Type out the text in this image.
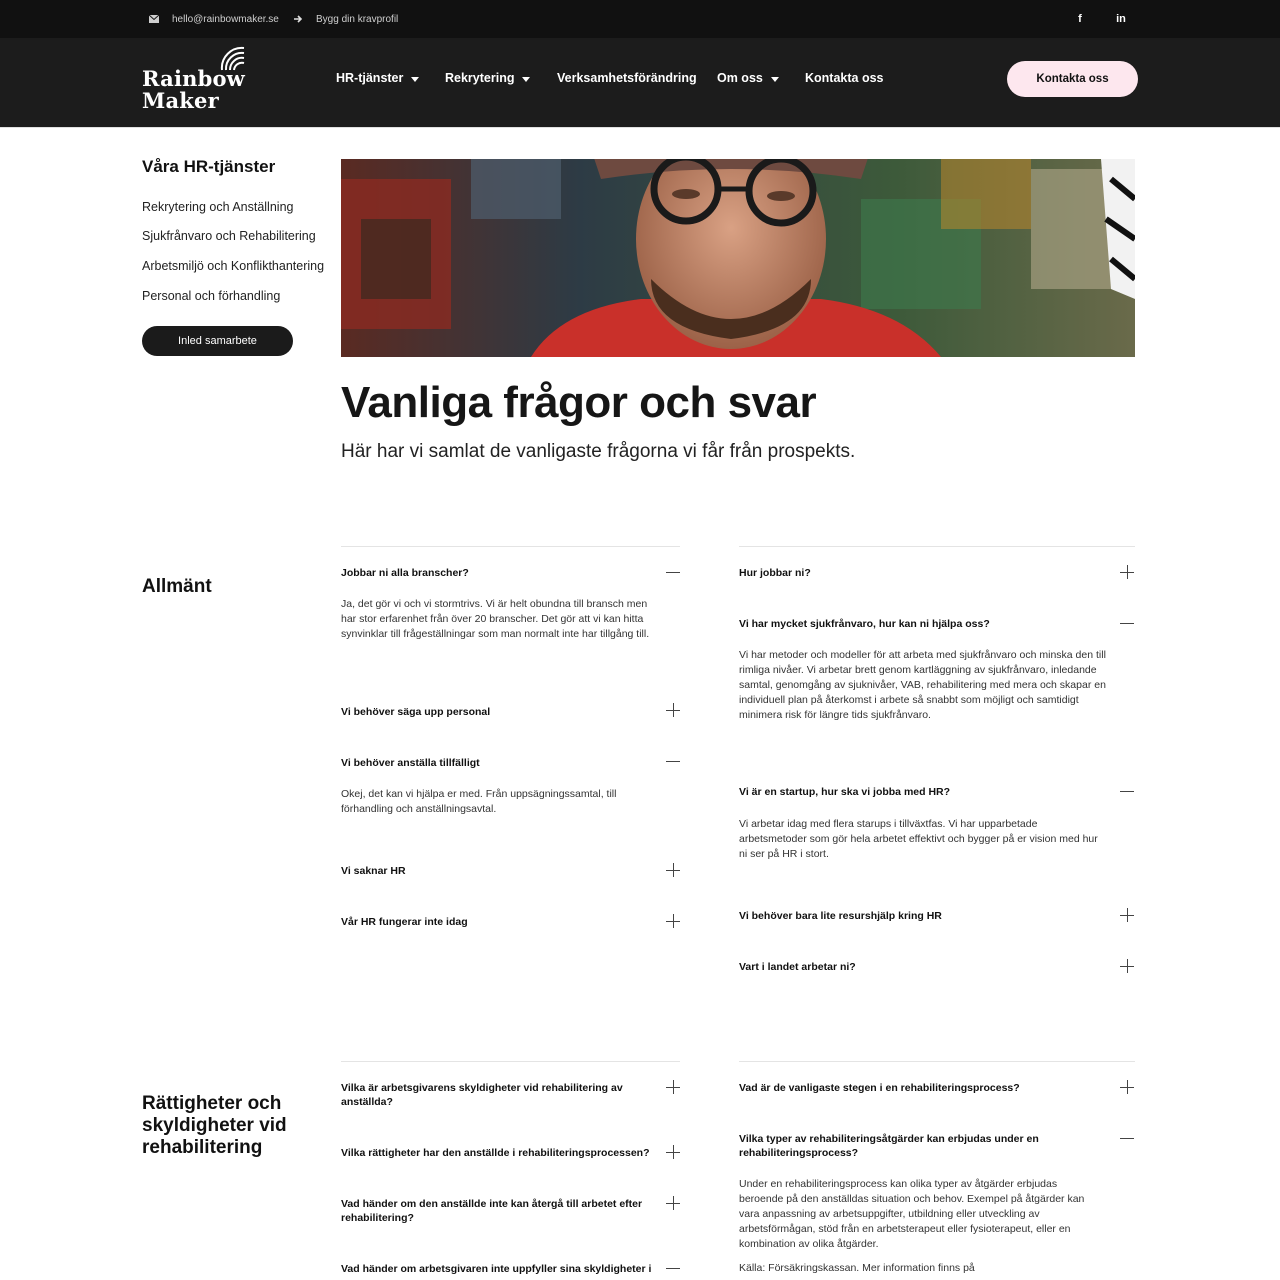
hello@rainbowmaker.se	Bygg din kravprofil	f	in
Rainbow
Maker
HR-tjänster	Rekrytering	Verksamhetsförändring Om oss	Kontakta oss	Kontakta oss
Våra HR-tjänster
Rekrytering och Anställning
Sjukfrånvaro och Rehabilitering
Arbetsmiljö och Konflikthantering
Personal och förhandling
Inled samarbete
Vanliga frågor och svar

Här har vi samlat de vanligaste frågorna vi får från prospekts.

Allmänt
Jobbar ni alla branscher?
Ja, det gör vi och vi stormtrivs. Vi är helt obundna till bransch men har stor erfarenhet från över 20 branscher. Det gör att vi kan hitta synvinklar till frågeställningar som man normalt inte har tillgång till.
Vi behöver säga upp personal
Vi behöver anställa tillfälligt
Okej, det kan vi hjälpa er med. Från uppsägningssamtal, till förhandling och anställningsavtal.
Vi saknar HR
Vår HR fungerar inte idag
Hur jobbar ni?
Vi har mycket sjukfrånvaro, hur kan ni hjälpa oss?
Vi har metoder och modeller för att arbeta med sjukfrånvaro och minska den till rimliga nivåer. Vi arbetar brett genom kartläggning av sjukfrånvaro, inledande samtal, genomgång av sjuknivåer, VAB, rehabilitering med mera och skapar en individuell plan på återkomst i arbete så snabbt som möjligt och samtidigt minimera risk för längre tids sjukfrånvaro.
Vi är en startup, hur ska vi jobba med HR?
Vi arbetar idag med flera starups i tillväxtfas. Vi har upparbetade arbetsmetoder som gör hela arbetet effektivt och bygger på er vision med hur ni ser på HR i stort.
Vi behöver bara lite resurshjälp kring HR
Vart i landet arbetar ni?
Rättigheter och skyldigheter vid rehabilitering
Vilka är arbetsgivarens skyldigheter vid rehabilitering av anställda?
Vilka rättigheter har den anställde i rehabiliteringsprocessen?
Vad händer om den anställde inte kan återgå till arbetet efter rehabilitering?
Vad händer om arbetsgivaren inte uppfyller sina skyldigheter i
Vad är de vanligaste stegen i en rehabiliteringsprocess?
Vilka typer av rehabiliteringsåtgärder kan erbjudas under en rehabiliteringsprocess?
Under en rehabiliteringsprocess kan olika typer av åtgärder erbjudas beroende på den anställdas situation och behov. Exempel på åtgärder kan vara anpassning av arbetsuppgifter, utbildning eller utveckling av arbetsförmågan, stöd från en arbetsterapeut eller fysioterapeut, eller en kombination av olika åtgärder.
Källa: Försäkringskassan. Mer information finns på
